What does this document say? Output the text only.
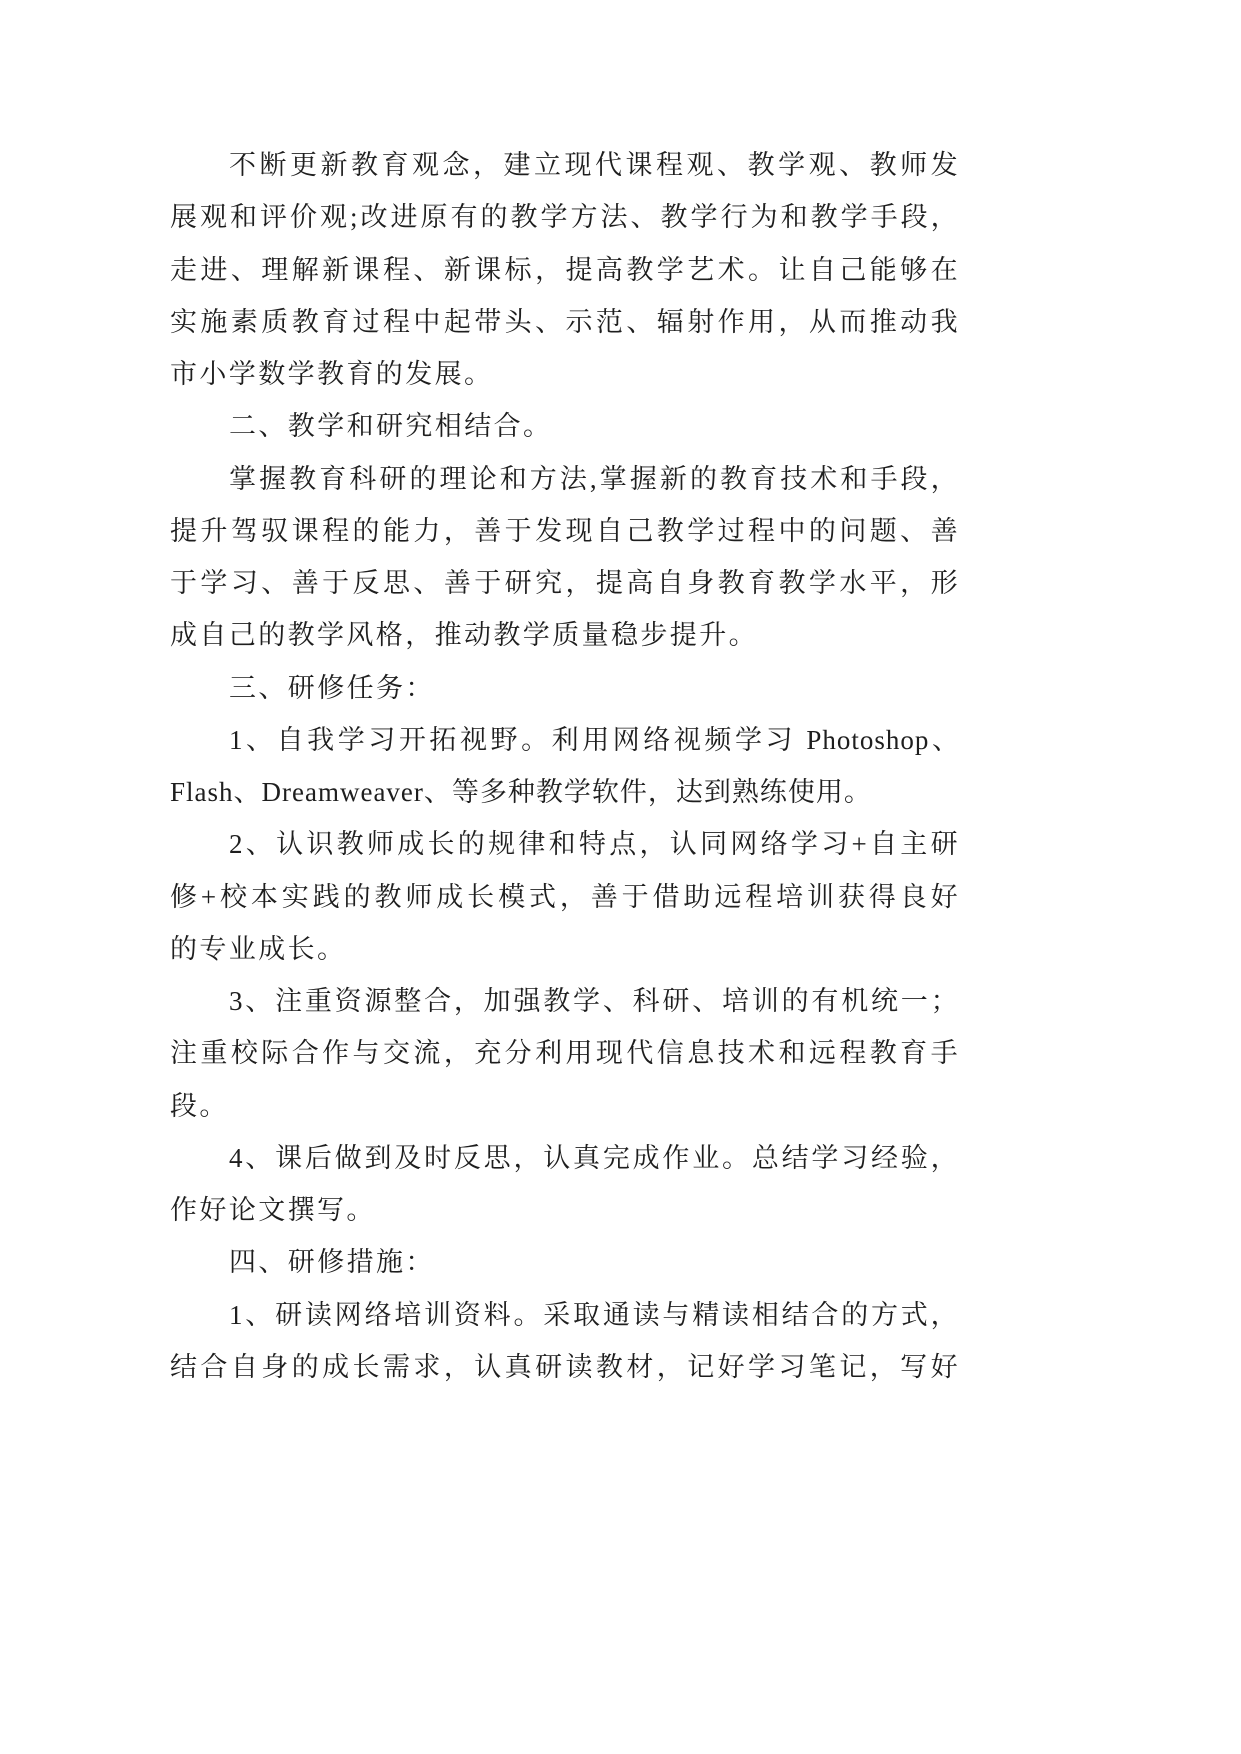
不断更新教育观念，建立现代课程观、教学观、教师发
展观和评价观;改进原有的教学方法、教学行为和教学手段，
走进、理解新课程、新课标，提高教学艺术。让自己能够在
实施素质教育过程中起带头、示范、辐射作用，从而推动我
市小学数学教育的发展。
二、教学和研究相结合。
掌握教育科研的理论和方法,掌握新的教育技术和手段，
提升驾驭课程的能力，善于发现自己教学过程中的问题、善
于学习、善于反思、善于研究，提高自身教育教学水平，形
成自己的教学风格，推动教学质量稳步提升。
三、研修任务：
1、自我学习开拓视野。利用网络视频学习 Photoshop、
Flash、Dreamweaver、等多种教学软件，达到熟练使用。
2、认识教师成长的规律和特点，认同网络学习+自主研
修+校本实践的教师成长模式，善于借助远程培训获得良好
的专业成长。
3、注重资源整合，加强教学、科研、培训的有机统一；
注重校际合作与交流，充分利用现代信息技术和远程教育手
段。
4、课后做到及时反思，认真完成作业。总结学习经验，
作好论文撰写。
四、研修措施：
1、研读网络培训资料。采取通读与精读相结合的方式，
结合自身的成长需求，认真研读教材，记好学习笔记，写好
